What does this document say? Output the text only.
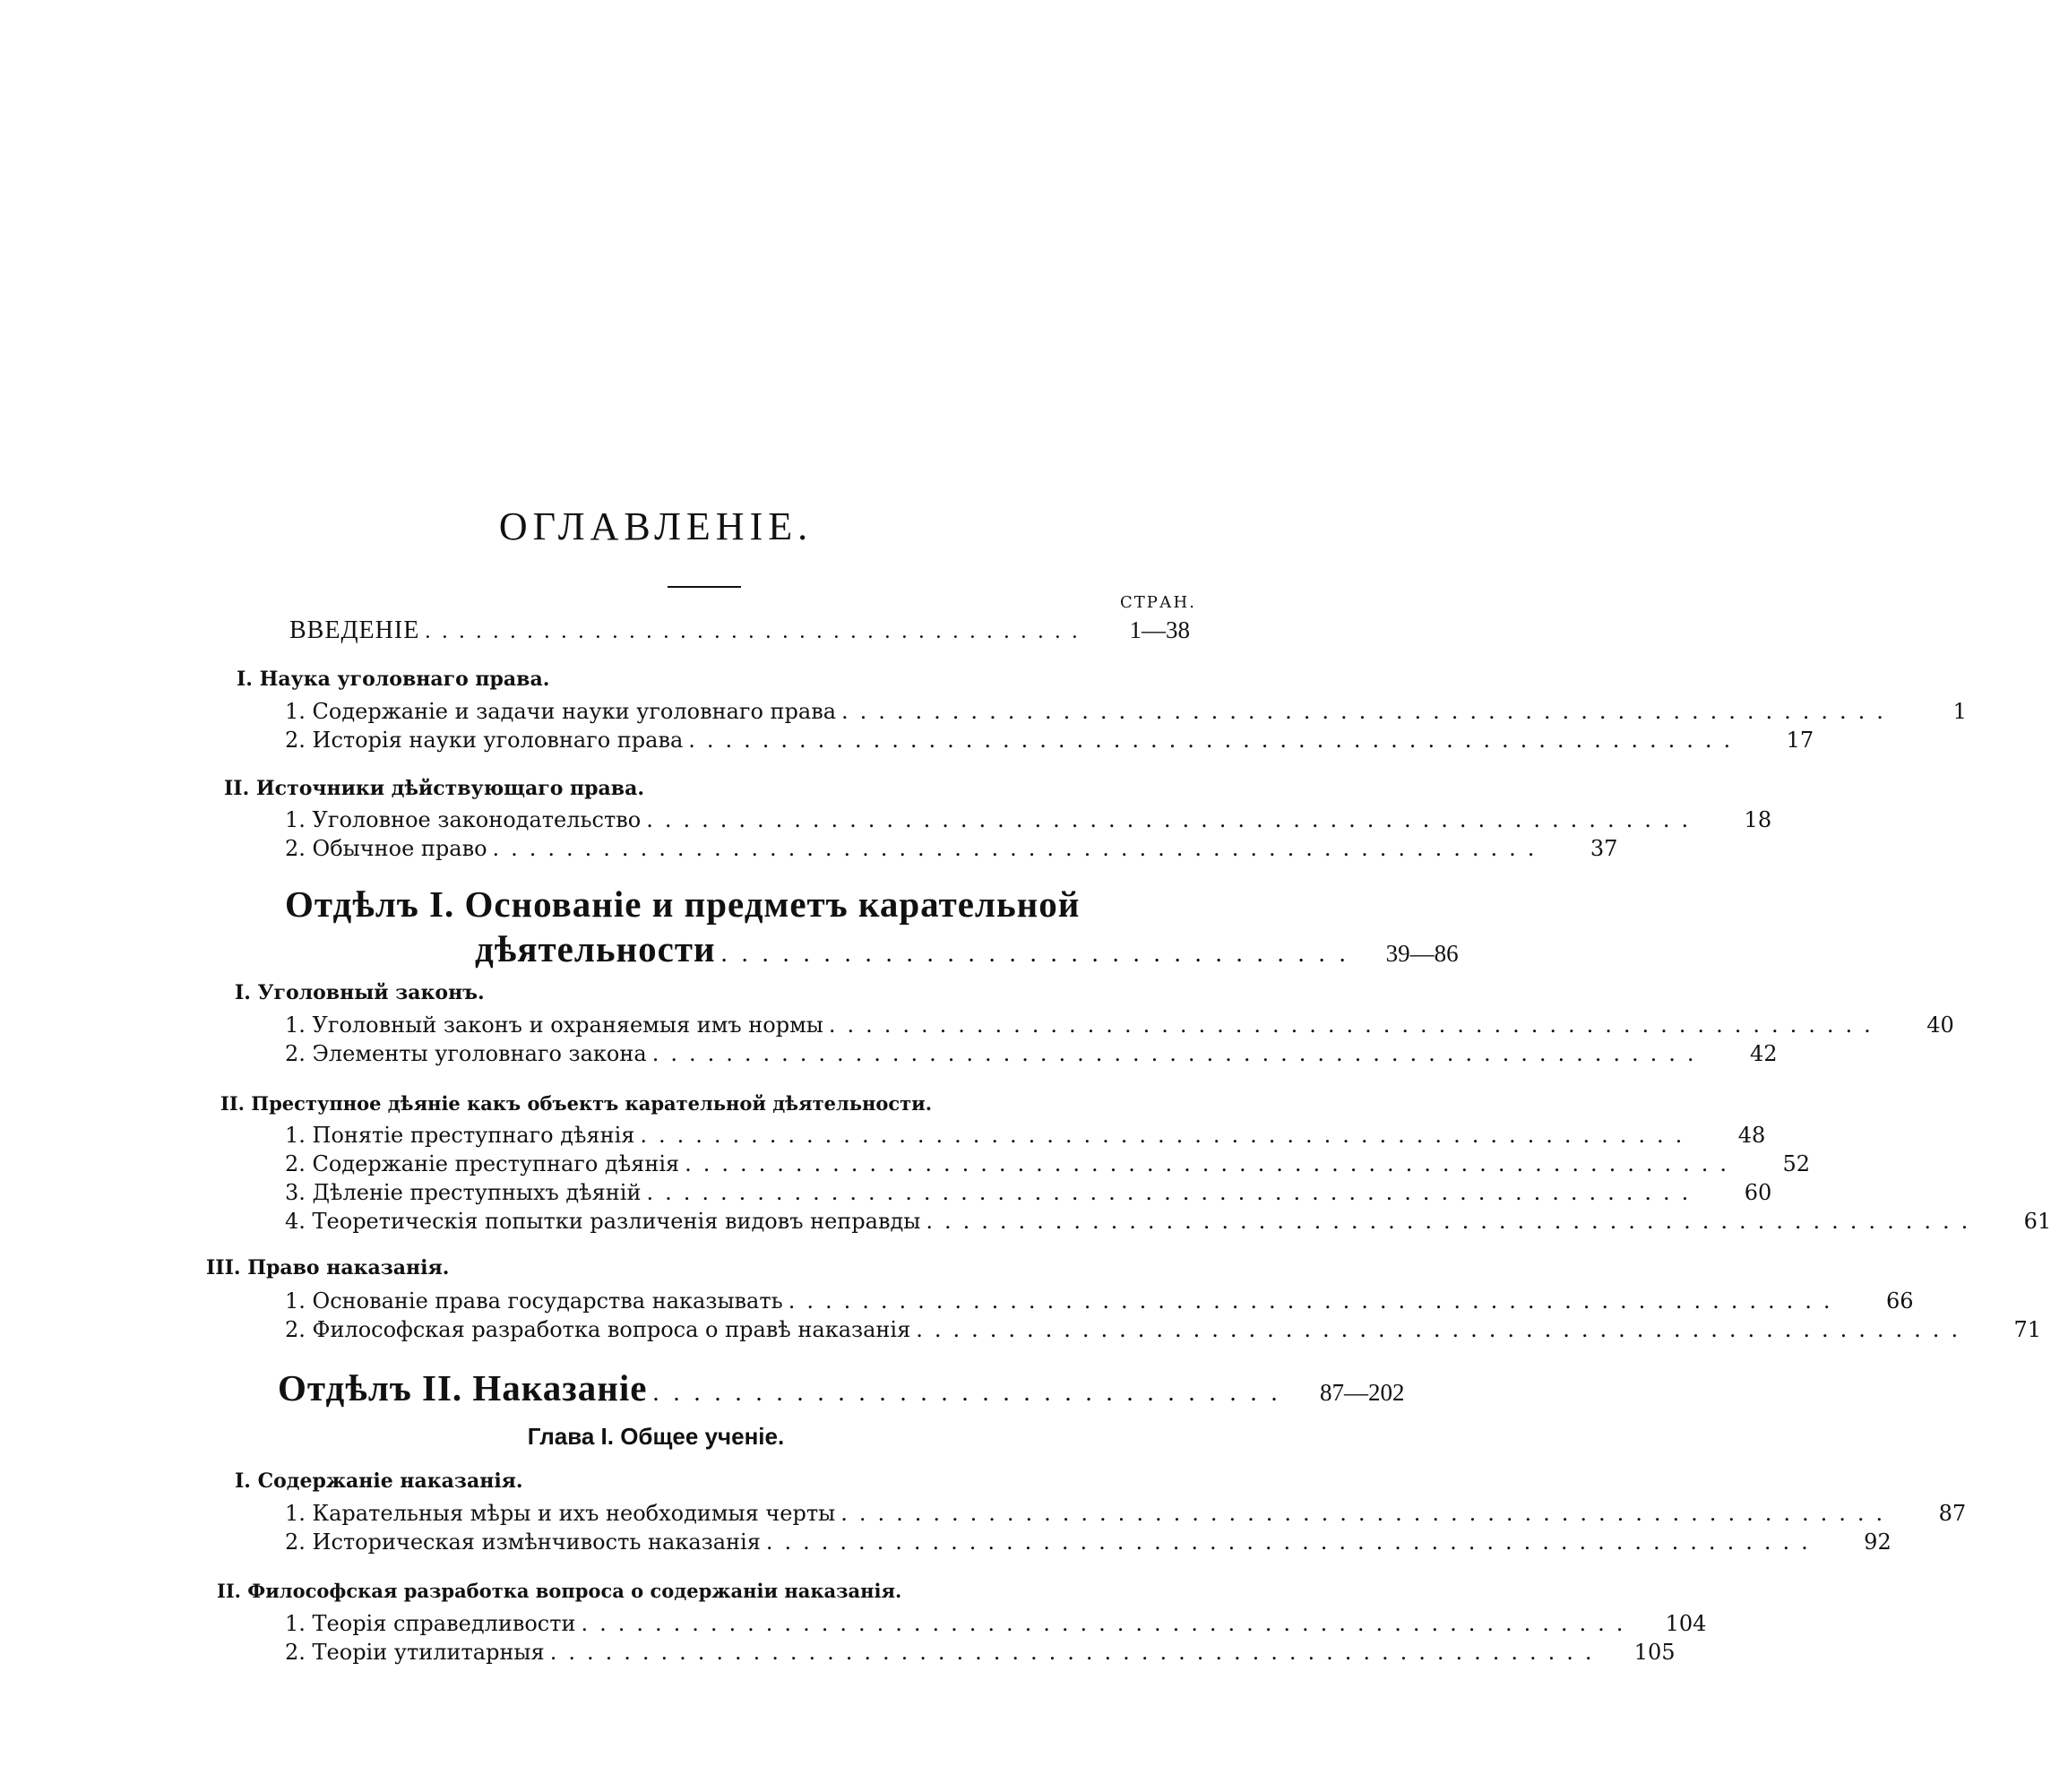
ОГЛАВЛЕНІЕ.
СТРАН.
ВВЕДЕНІЕ .......................................	1—38
I. Наука уголовнаго права.
1. Содержаніе и задачи науки уголовнаго права .........................................................	1
2. Исторія науки уголовнаго права .........................................................	17
II. Источники дѣйствующаго права.
1. Уголовное законодательство .........................................................	18
2. Обычное право .........................................................	37
Отдѣлъ I. Основаніе и предметъ карательной
дѣятельности ...............................	39—86
I. Уголовный законъ.
1. Уголовный законъ и охраняемыя имъ нормы .........................................................	40
2. Элементы уголовнаго закона .........................................................	42
II. Преступное дѣяніе какъ объектъ карательной дѣятельности.
1. Понятіе преступнаго дѣянія .........................................................	48
2. Содержаніе преступнаго дѣянія .........................................................	52
3. Дѣленіе преступныхъ дѣяній .........................................................	60
4. Теоретическія попытки различенія видовъ неправды .........................................................	61
III. Право наказанія.
1. Основаніе права государства наказывать .........................................................	66
2. Философская разработка вопроса о правѣ наказанія .........................................................	71
Отдѣлъ II. Наказаніе ...............................	87—202
Глава I. Общее ученіе.
I. Содержаніе наказанія.
1. Карательныя мѣры и ихъ необходимыя черты .........................................................	87
2. Историческая измѣнчивость наказанія .........................................................	92
II. Философская разработка вопроса о содержаніи наказанія.
1. Теорія справедливости .........................................................	104
2. Теоріи утилитарныя .........................................................	105
